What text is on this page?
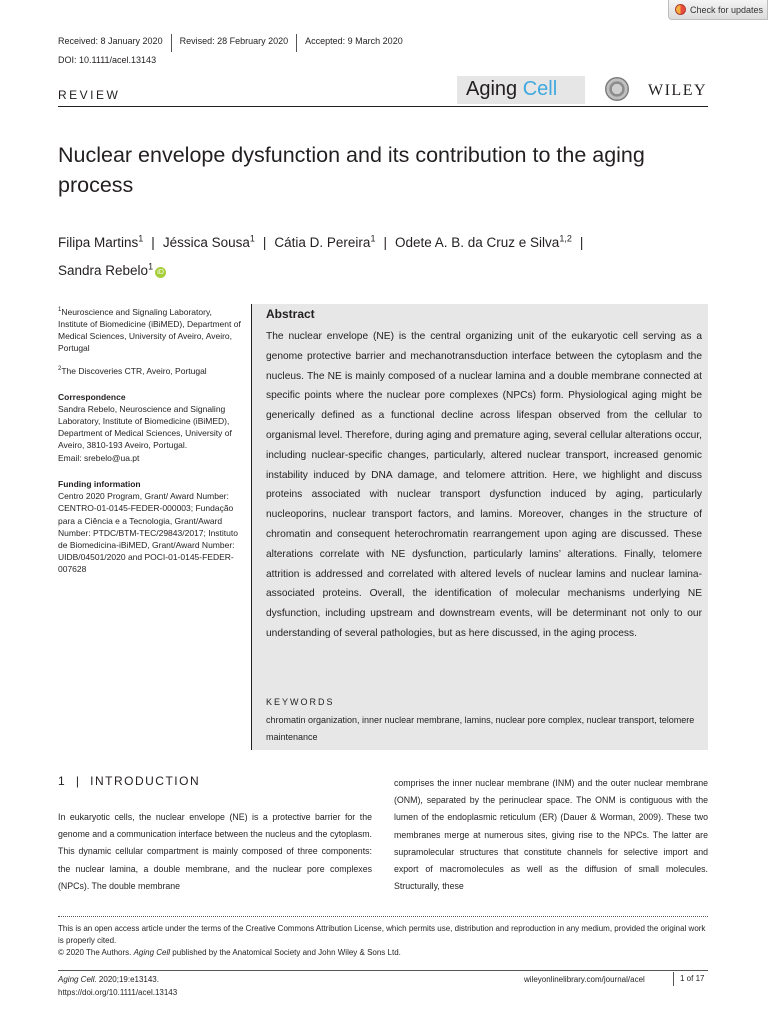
Check for updates
Received: 8 January 2020	Revised: 28 February 2020	Accepted: 9 March 2020
DOI: 10.1111/acel.13143
REVIEW	Aging Cell	WILEY
Nuclear envelope dysfunction and its contribution to the aging process
Filipa Martins$^1$ | Jéssica Sousa$^1$ | Cátia D. Pereira$^1$ | Odete A. B. da Cruz e Silva$^{1,2}$ |
Sandra Rebelo$^1$iD

$^1$Neuroscience and Signaling Laboratory, Institute of Biomedicine (iBiMED), Department of Medical Sciences, University of Aveiro, Aveiro, Portugal

$^2$The Discoveries CTR, Aveiro, Portugal

Correspondence
Sandra Rebelo, Neuroscience and Signaling Laboratory, Institute of Biomedicine (iBiMED), Department of Medical Sciences, University of Aveiro, 3810-193 Aveiro, Portugal.
Email: srebelo@ua.pt

Funding information
Centro 2020 Program, Grant/ Award Number: CENTRO-01-0145-FEDER-000003; Fundação para a Ciência e a Tecnologia, Grant/Award Number: PTDC/BTM-TEC/29843/2017; Instituto de Biomedicina-iBiMED, Grant/Award Number: UIDB/04501/2020 and POCI-01-0145-FEDER-007628

Abstract
The nuclear envelope (NE) is the central organizing unit of the eukaryotic cell serving as a genome protective barrier and mechanotransduction interface between the cytoplasm and the nucleus. The NE is mainly composed of a nuclear lamina and a double membrane connected at specific points where the nuclear pore complexes (NPCs) form. Physiological aging might be generically defined as a functional decline across lifespan observed from the cellular to organismal level. Therefore, during aging and premature aging, several cellular alterations occur, including nuclear-specific changes, particularly, altered nuclear transport, increased genomic instability induced by DNA damage, and telomere attrition. Here, we highlight and discuss proteins associated with nuclear transport dysfunction induced by aging, particularly nucleoporins, nuclear transport factors, and lamins. Moreover, changes in the structure of chromatin and consequent heterochromatin rearrangement upon aging are discussed. These alterations correlate with NE dysfunction, particularly lamins’ alterations. Finally, telomere attrition is addressed and correlated with altered levels of nuclear lamins and nuclear lamina-associated proteins. Overall, the identification of molecular mechanisms underlying NE dysfunction, including upstream and downstream events, will be determinant not only to our understanding of several pathologies, but as here discussed, in the aging process.
KEYWORDS
chromatin organization, inner nuclear membrane, lamins, nuclear pore complex, nuclear transport, telomere maintenance
1  |  INTRODUCTION
In eukaryotic cells, the nuclear envelope (NE) is a protective barrier for the genome and a communication interface between the nucleus and the cytoplasm. This dynamic cellular compartment is mainly composed of three components: the nuclear lamina, a double membrane, and the nuclear pore complexes (NPCs). The double membrane
comprises the inner nuclear membrane (INM) and the outer nuclear membrane (ONM), separated by the perinuclear space. The ONM is contiguous with the lumen of the endoplasmic reticulum (ER) (Dauer & Worman, 2009). These two membranes merge at numerous sites, giving rise to the NPCs. The latter are supramolecular structures that constitute channels for selective import and export of macromolecules as well as the diffusion of small molecules. Structurally, these
This is an open access article under the terms of the Creative Commons Attribution License, which permits use, distribution and reproduction in any medium, provided the original work is properly cited.
© 2020 The Authors. Aging Cell published by the Anatomical Society and John Wiley & Sons Ltd.
Aging Cell. 2020;19:e13143.
https://doi.org/10.1111/acel.13143
wileyonlinelibrary.com/journal/acel	1 of 17
